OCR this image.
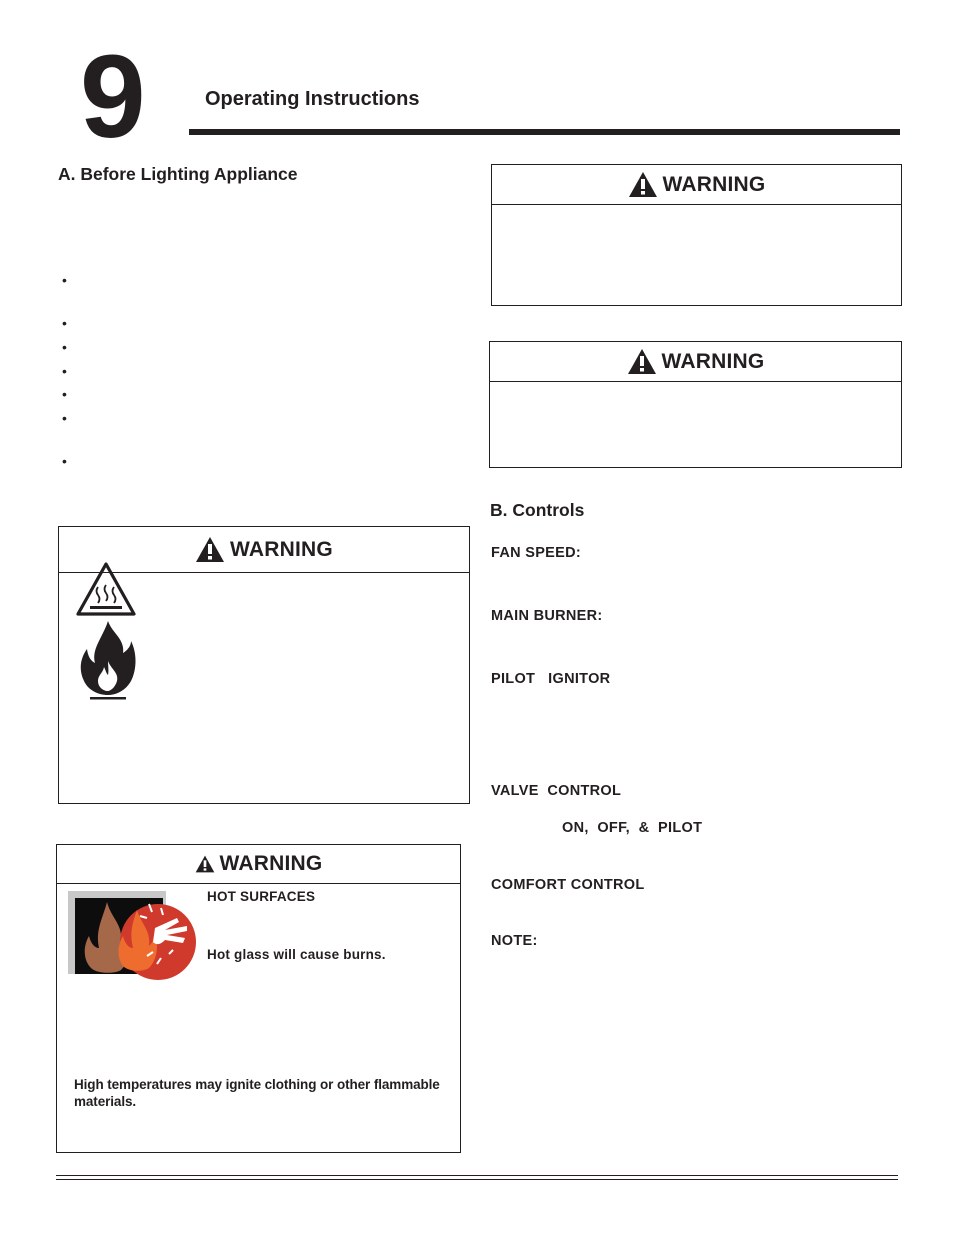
9	Operating Instructions
A. Before Lighting Appliance
•
•
•
•
•
•
•
WARNING
WARNING
WARNING
WARNING
HOT SURFACES
Hot glass will cause burns.
High temperatures may ignite clothing or other flammable materials.
B. Controls
FAN SPEED:
MAIN BURNER:
PILOT   IGNITOR
VALVE  CONTROL
ON,  OFF,  &  PILOT
COMFORT CONTROL
NOTE:
